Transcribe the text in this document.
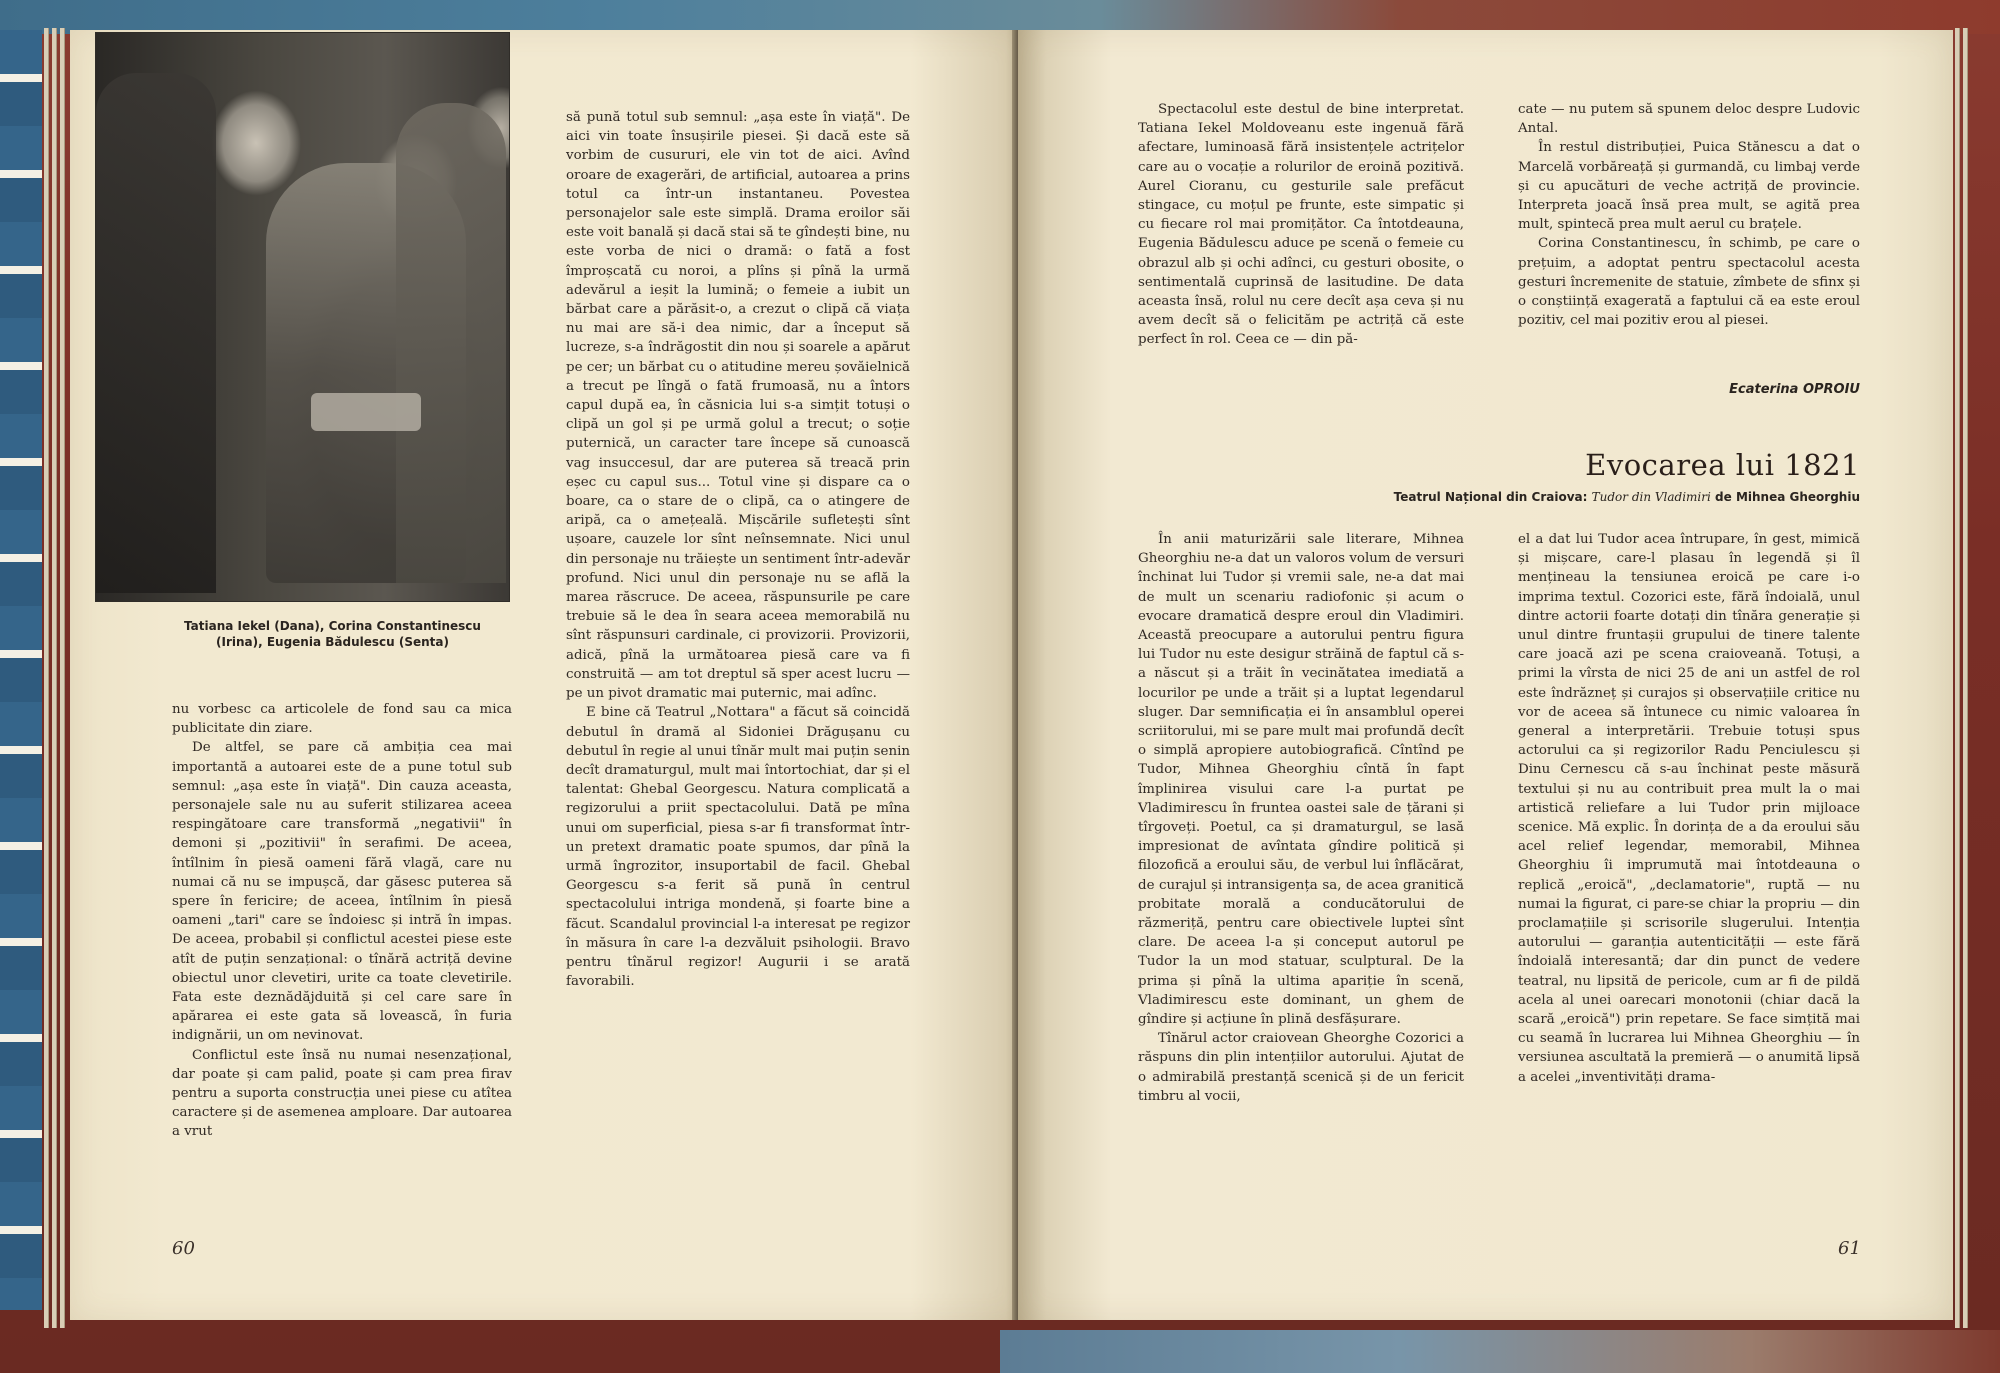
Tatiana Iekel (Dana), Corina Constantinescu (Irina), Eugenia Bădulescu (Senta)

nu vorbesc ca articolele de fond sau ca mica publicitate din ziare.

De altfel, se pare că ambiția cea mai importantă a autoarei este de a pune totul sub semnul: „așa este în viață". Din cauza aceasta, personajele sale nu au suferit stilizarea aceea respingătoare care transformă „negativii" în demoni și „pozitivii" în serafimi. De aceea, întîlnim în piesă oameni fără vlagă, care nu numai că nu se impușcă, dar găsesc puterea să spere în fericire; de aceea, întîlnim în piesă oameni „tari" care se îndoiesc și intră în impas. De aceea, probabil și conflictul acestei piese este atît de puțin senzațional: o tînără actriță devine obiectul unor clevetiri, urite ca toate clevetirile. Fata este deznădăjduită și cel care sare în apărarea ei este gata să lovească, în furia indignării, un om nevinovat.

Conflictul este însă nu numai nesenzațional, dar poate și cam palid, poate și cam prea firav pentru a suporta construcția unei piese cu atîtea caractere și de asemenea amploare. Dar autoarea a vrut

să pună totul sub semnul: „așa este în viață". De aici vin toate însușirile piesei. Și dacă este să vorbim de cusururi, ele vin tot de aici. Avînd oroare de exagerări, de artificial, autoarea a prins totul ca într-un instantaneu. Povestea personajelor sale este simplă. Drama eroilor săi este voit banală și dacă stai să te gîndești bine, nu este vorba de nici o dramă: o fată a fost împroșcată cu noroi, a plîns și pînă la urmă adevărul a ieșit la lumină; o femeie a iubit un bărbat care a părăsit-o, a crezut o clipă că viața nu mai are să-i dea nimic, dar a început să lucreze, s-a îndrăgostit din nou și soarele a apărut pe cer; un bărbat cu o atitudine mereu șovăielnică a trecut pe lîngă o fată frumoasă, nu a întors capul după ea, în căsnicia lui s-a simțit totuși o clipă un gol și pe urmă golul a trecut; o soție puternică, un caracter tare începe să cunoască vag insuccesul, dar are puterea să treacă prin eșec cu capul sus... Totul vine și dispare ca o boare, ca o stare de o clipă, ca o atingere de aripă, ca o amețeală. Mișcările sufletești sînt ușoare, cauzele lor sînt neînsemnate. Nici unul din personaje nu trăiește un sentiment într-adevăr profund. Nici unul din personaje nu se află la marea răscruce. De aceea, răspunsurile pe care trebuie să le dea în seara aceea memorabilă nu sînt răspunsuri cardinale, ci provizorii. Provizorii, adică, pînă la următoarea piesă care va fi construită — am tot dreptul să sper acest lucru — pe un pivot dramatic mai puternic, mai adînc.

E bine că Teatrul „Nottara" a făcut să coincidă debutul în dramă al Sidoniei Drăgușanu cu debutul în regie al unui tînăr mult mai puțin senin decît dramaturgul, mult mai întortochiat, dar și el talentat: Ghebal Georgescu. Natura complicată a regizorului a priit spectacolului. Dată pe mîna unui om superficial, piesa s-ar fi transformat într-un pretext dramatic poate spumos, dar pînă la urmă îngrozitor, insuportabil de facil. Ghebal Georgescu s-a ferit să pună în centrul spectacolului intriga mondenă, și foarte bine a făcut. Scandalul provincial l-a interesat pe regizor în măsura în care l-a dezvăluit psihologii. Bravo pentru tînărul regizor! Augurii i se arată favorabili.

60

Spectacolul este destul de bine interpretat. Tatiana Iekel Moldoveanu este ingenuă fără afectare, luminoasă fără insistențele actrițelor care au o vocație a rolurilor de eroină pozitivă. Aurel Cioranu, cu gesturile sale prefăcut stingace, cu moțul pe frunte, este simpatic și cu fiecare rol mai promițător. Ca întotdeauna, Eugenia Bădulescu aduce pe scenă o femeie cu obrazul alb și ochi adînci, cu gesturi obosite, o sentimentală cuprinsă de lasitudine. De data aceasta însă, rolul nu cere decît așa ceva și nu avem decît să o felicităm pe actriță că este perfect în rol. Ceea ce — din pă-

cate — nu putem să spunem deloc despre Ludovic Antal.

În restul distribuției, Puica Stănescu a dat o Marcelă vorbăreață și gurmandă, cu limbaj verde și cu apucături de veche actriță de provincie. Interpreta joacă însă prea mult, se agită prea mult, spintecă prea mult aerul cu brațele.

Corina Constantinescu, în schimb, pe care o prețuim, a adoptat pentru spectacolul acesta gesturi încremenite de statuie, zîmbete de sfinx și o conștiință exagerată a faptului că ea este eroul pozitiv, cel mai pozitiv erou al piesei.

Ecaterina OPROIU
Evocarea lui 1821
Teatrul Național din Craiova: Tudor din Vladimiri de Mihnea Gheorghiu

În anii maturizării sale literare, Mihnea Gheorghiu ne-a dat un valoros volum de versuri închinat lui Tudor și vremii sale, ne-a dat mai de mult un scenariu radiofonic și acum o evocare dramatică despre eroul din Vladimiri. Această preocupare a autorului pentru figura lui Tudor nu este desigur străină de faptul că s-a născut și a trăit în vecinătatea imediată a locurilor pe unde a trăit și a luptat legendarul sluger. Dar semnificația ei în ansamblul operei scriitorului, mi se pare mult mai profundă decît o simplă apropiere autobiografică. Cîntînd pe Tudor, Mihnea Gheorghiu cîntă în fapt împlinirea visului care l-a purtat pe Vladimirescu în fruntea oastei sale de țărani și tîrgoveți. Poetul, ca și dramaturgul, se lasă impresionat de avîntata gîndire politică și filozofică a eroului său, de verbul lui înflăcărat, de curajul și intransigența sa, de acea granitică probitate morală a conducătorului de răzmeriță, pentru care obiectivele luptei sînt clare. De aceea l-a și conceput autorul pe Tudor la un mod statuar, sculptural. De la prima și pînă la ultima apariție în scenă, Vladimirescu este dominant, un ghem de gîndire și acțiune în plină desfășurare.

Tînărul actor craiovean Gheorghe Cozorici a răspuns din plin intențiilor autorului. Ajutat de o admirabilă prestanță scenică și de un fericit timbru al vocii,

el a dat lui Tudor acea întrupare, în gest, mimică și mișcare, care-l plasau în legendă și îl mențineau la tensiunea eroică pe care i-o imprima textul. Cozorici este, fără îndoială, unul dintre actorii foarte dotați din tînăra generație și unul dintre fruntașii grupului de tinere talente care joacă azi pe scena craioveană. Totuși, a primi la vîrsta de nici 25 de ani un astfel de rol este îndrăzneț și curajos și observațiile critice nu vor de aceea să întunece cu nimic valoarea în general a interpretării. Trebuie totuși spus actorului ca și regizorilor Radu Penciulescu și Dinu Cernescu că s-au închinat peste măsură textului și nu au contribuit prea mult la o mai artistică reliefare a lui Tudor prin mijloace scenice. Mă explic. În dorința de a da eroului său acel relief legendar, memorabil, Mihnea Gheorghiu îi imprumută mai întotdeauna o replică „eroică", „declamatorie", ruptă — nu numai la figurat, ci pare-se chiar la propriu — din proclamațiile și scrisorile slugerului. Intenția autorului — garanția autenticității — este fără îndoială interesantă; dar din punct de vedere teatral, nu lipsită de pericole, cum ar fi de pildă acela al unei oarecari monotonii (chiar dacă la scară „eroică") prin repetare. Se face simțită mai cu seamă în lucrarea lui Mihnea Gheorghiu — în versiunea ascultată la premieră — o anumită lipsă a acelei „inventivități drama-

61
